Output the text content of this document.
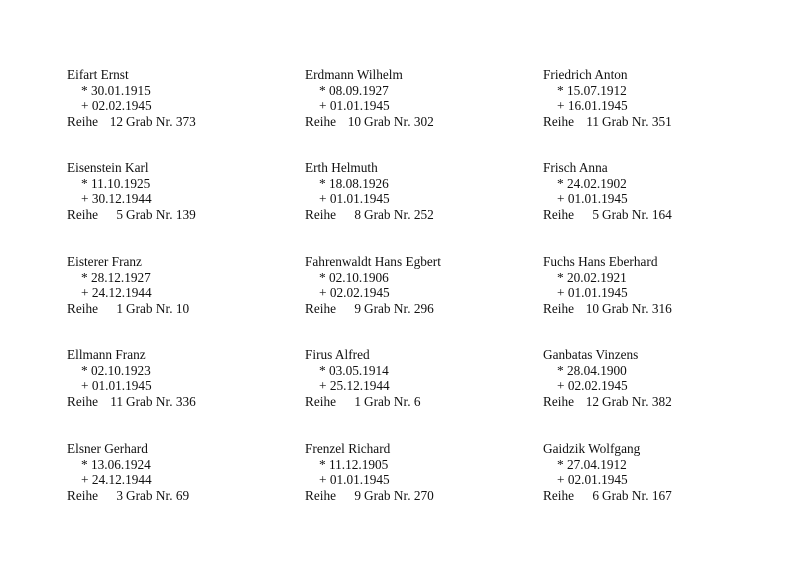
Eifart Ernst
* 30.01.1915
+ 02.02.1945
Reihe 12 Grab Nr. 373
Erdmann Wilhelm
* 08.09.1927
+ 01.01.1945
Reihe 10 Grab Nr. 302
Friedrich Anton
* 15.07.1912
+ 16.01.1945
Reihe 11 Grab Nr. 351
Eisenstein Karl
* 11.10.1925
+ 30.12.1944
Reihe 5 Grab Nr. 139
Erth Helmuth
* 18.08.1926
+ 01.01.1945
Reihe 8 Grab Nr. 252
Frisch Anna
* 24.02.1902
+ 01.01.1945
Reihe 5 Grab Nr. 164
Eisterer Franz
* 28.12.1927
+ 24.12.1944
Reihe 1 Grab Nr. 10
Fahrenwaldt Hans Egbert
* 02.10.1906
+ 02.02.1945
Reihe 9 Grab Nr. 296
Fuchs Hans Eberhard
* 20.02.1921
+ 01.01.1945
Reihe 10 Grab Nr. 316
Ellmann Franz
* 02.10.1923
+ 01.01.1945
Reihe 11 Grab Nr. 336
Firus Alfred
* 03.05.1914
+ 25.12.1944
Reihe 1 Grab Nr. 6
Ganbatas Vinzens
* 28.04.1900
+ 02.02.1945
Reihe 12 Grab Nr. 382
Elsner Gerhard
* 13.06.1924
+ 24.12.1944
Reihe 3 Grab Nr. 69
Frenzel Richard
* 11.12.1905
+ 01.01.1945
Reihe 9 Grab Nr. 270
Gaidzik Wolfgang
* 27.04.1912
+ 02.01.1945
Reihe 6 Grab Nr. 167
